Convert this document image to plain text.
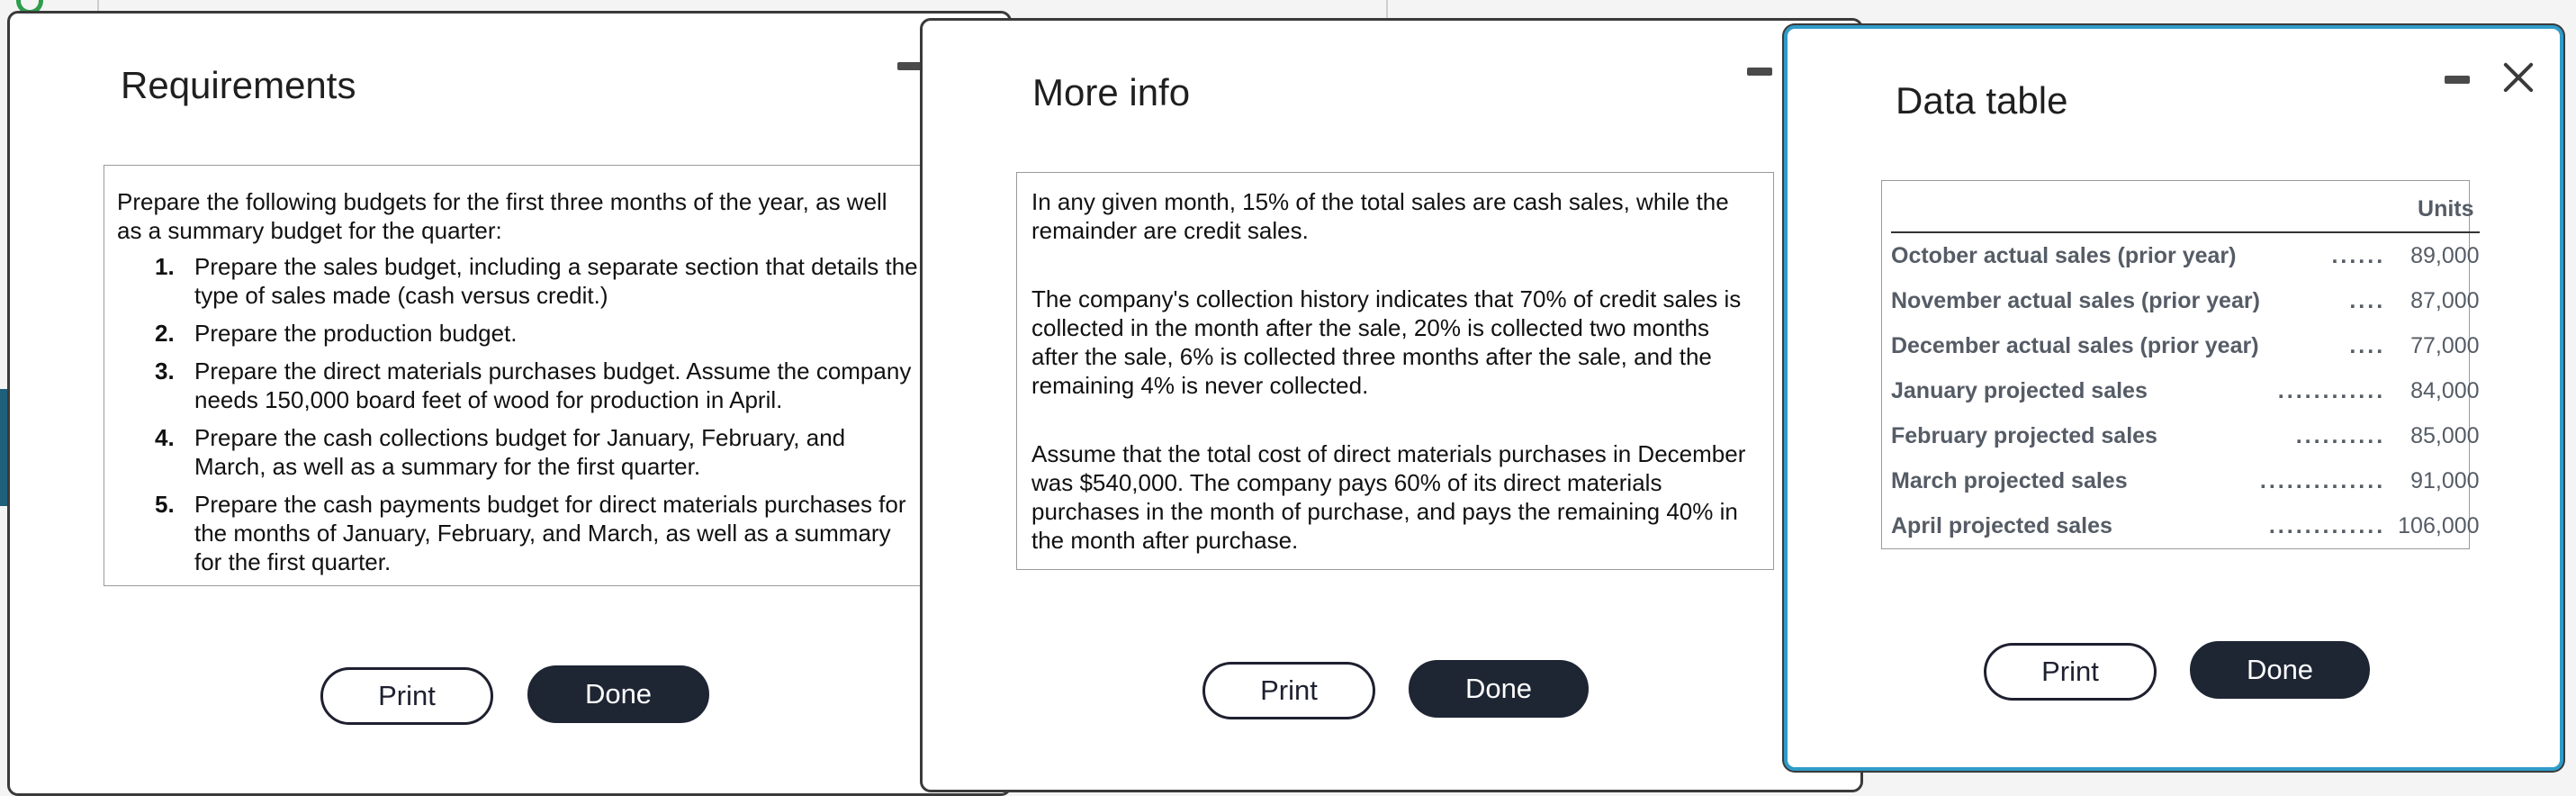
Requirements

Prepare the following budgets for the first three months of the year, as well as a summary budget for the quarter:

1. Prepare the sales budget, including a separate section that details the type of sales made (cash versus credit.)
2. Prepare the production budget.
3. Prepare the direct materials purchases budget. Assume the company needs 150,000 board feet of wood for production in April.
4. Prepare the cash collections budget for January, February, and March, as well as a summary for the first quarter.
5. Prepare the cash payments budget for direct materials purchases for the months of January, February, and March, as well as a summary for the first quarter.
Print	Done
More info

In any given month, 15% of the total sales are cash sales, while the remainder are credit sales.

The company's collection history indicates that 70% of credit sales is collected in the month after the sale, 20% is collected two months after the sale, 6% is collected three months after the sale, and the remaining 4% is never collected.

Assume that the total cost of direct materials purchases in December was $540,000. The company pays 60% of its direct materials purchases in the month of purchase, and pays the remaining 40% in the month after purchase.

Print	Done
Data table
		Units
October actual sales (prior year)	......	89,000
November actual sales (prior year)	....	87,000
December actual sales (prior year)	....	77,000
January projected sales	............	84,000
February projected sales	..........	85,000
March projected sales	..............	91,000
April projected sales	.............	106,000
Print	Done
